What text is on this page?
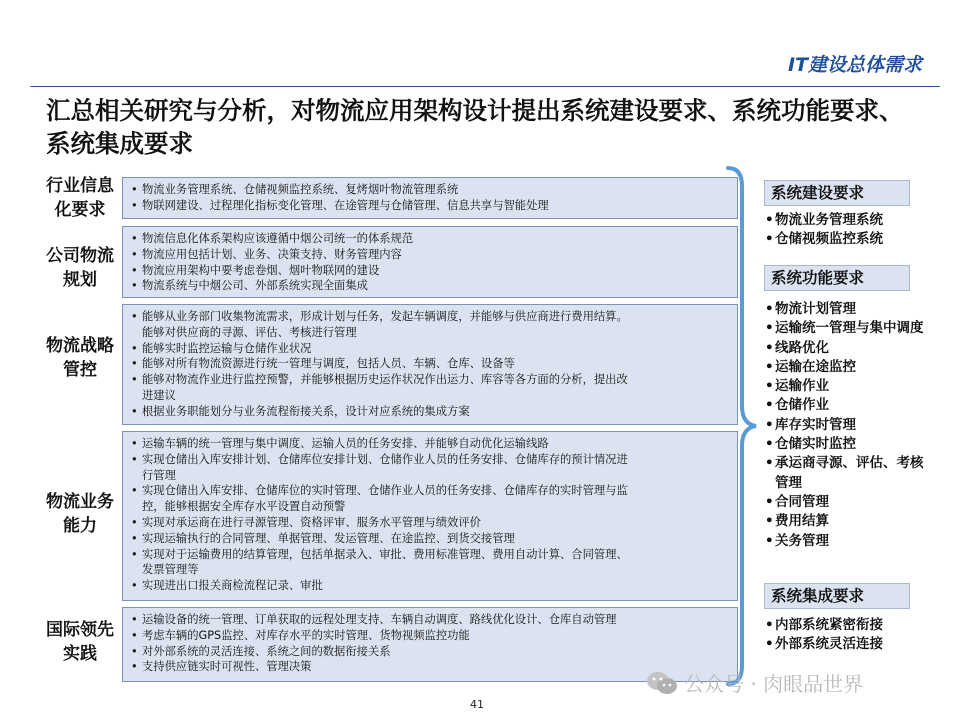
IT建设总体需求
汇总相关研究与分析，对物流应用架构设计提出系统建设要求、系统功能要求、系统集成要求
行业信息化要求
公司物流规划
物流战略管控
物流业务能力
国际领先实践
• 物流业务管理系统、仓储视频监控系统、复烤烟叶物流管理系统
• 物联网建设、过程理化指标变化管理、在途管理与仓储管理、信息共享与智能处理
• 物流信息化体系架构应该遵循中烟公司统一的体系规范
• 物流应用包括计划、业务、决策支持、财务管理内容
• 物流应用架构中要考虑卷烟、烟叶物联网的建设
• 物流系统与中烟公司、外部系统实现全面集成
• 能够从业务部门收集物流需求，形成计划与任务，发起车辆调度，并能够与供应商进行费用结算。
能够对供应商的寻源、评估、考核进行管理
• 能够实时监控运输与仓储作业状况
• 能够对所有物流资源进行统一管理与调度，包括人员、车辆、仓库、设备等
• 能够对物流作业进行监控预警，并能够根据历史运作状况作出运力、库容等各方面的分析，提出改
进建议
• 根据业务职能划分与业务流程衔接关系，设计对应系统的集成方案
• 运输车辆的统一管理与集中调度、运输人员的任务安排、并能够自动优化运输线路
• 实现仓储出入库安排计划、仓储库位安排计划、仓储作业人员的任务安排、仓储库存的预计情况进
行管理
• 实现仓储出入库安排、仓储库位的实时管理、仓储作业人员的任务安排、仓储库存的实时管理与监
控，能够根据安全库存水平设置自动预警
• 实现对承运商在进行寻源管理、资格评审、服务水平管理与绩效评价
• 实现运输执行的合同管理、单据管理、发运管理、在途监控、到货交接管理
• 实现对于运输费用的结算管理，包括单据录入、审批、费用标准管理、费用自动计算、合同管理、
发票管理等
• 实现进出口报关商检流程记录、审批
• 运输设备的统一管理、订单获取的远程处理支持、车辆自动调度、路线优化设计、仓库自动管理
• 考虑车辆的GPS监控、对库存水平的实时管理、货物视频监控功能
• 对外部系统的灵活连接、系统之间的数据衔接关系
• 支持供应链实时可视性、管理决策
系统建设要求
• 物流业务管理系统
• 仓储视频监控系统
系统功能要求
• 物流计划管理
• 运输统一管理与集中调度
• 线路优化
• 运输在途监控
• 运输作业
• 仓储作业
• 库存实时管理
• 仓储实时监控
• 承运商寻源、评估、考核管理
• 合同管理
• 费用结算
• 关务管理
系统集成要求
• 内部系统紧密衔接
• 外部系统灵活连接
公众号 · 肉眼品世界
41
